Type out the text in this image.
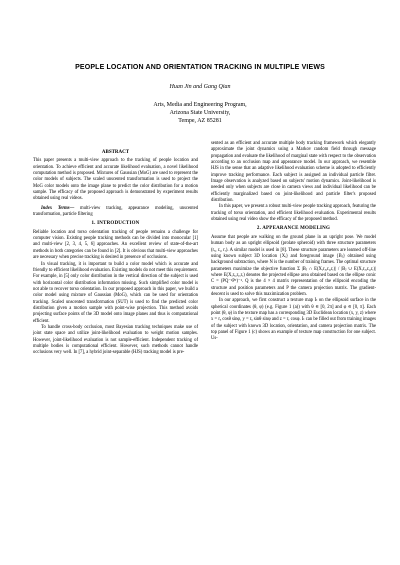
PEOPLE LOCATION AND ORIENTATION TRACKING IN MULTIPLE VIEWS
Huan Jin and Gang Qian
Arts, Media and Engineering Program,
Arizona State University,
Tempe, AZ 85281
ABSTRACT

This paper presents a multi-view approach to the tracking of people location and orientation. To achieve efficient and accurate likelihood evaluation, a novel likelihood computation method is proposed. Mixtures of Gaussian (MoG) are used to represent the color models of subjects. The scaled unscented transformation is used to project the MoG color models onto the image plane to predict the color distribution for a motion sample. The efficacy of the proposed approach is demonstrated by experiment results obtained using real videos.

Index Terms— multi-view tracking, appearance modeling, unscented transformation, particle filtering

1. INTRODUCTION

Reliable location and torso orientation tracking of people remains a challenge for computer vision. Existing people tracking methods can be divided into monocular [1] and multi-view [2, 3, 4, 5, 6] approaches. An excellent review of state-of-the-art methods in both categories can be found in [2]. It is obvious that multi-view approaches are necessary when precise tracking is desired in presence of occlusions.

In visual tracking, it is important to build a color model which is accurate and friendly to efficient likelihood evaluation. Existing models do not meet this requirement. For example, in [5] only color distribution in the vertical direction of the subject is used with horizontal color distribution information missing. Such simplified color model is not able to recover torso orientation. In our proposed approach in this paper, we build a color model using mixture of Gaussian (MoG), which can be used for orientation tracking. Scaled unscented transformation (SUT) is used to find the predicted color distribution given a motion sample with point-wise projection. This method avoids projecting surface points of the 3D model onto image planes and thus is computational efficient.

To handle cross-body occlusion, most Bayesian tracking techniques make use of joint state space and utilize joint-likelihood evaluation to weight motion samples. However, joint-likelihood evaluation is not sample-efficient. Independent tracking of multiple bodies is computational efficient. However, such methods cannot handle occlusions very well. In [7], a hybrid joint-separable (HJS) tracking model is pre-

sented as an efficient and accurate multiple body tracking framework which elegantly approximate the joint dynamics using a Markov random field through message propagation and evaluate the likelihood of marginal state with respect to the observation according to an occlusion map and appearance model. In our approach, we resemble HJS in the sense that an adaptive likelihood evaluation scheme is adopted to efficiently improve tracking performance. Each subject is assigned an individual particle filter. Image observation is analyzed based on subjects' motion dynamics. Joint-likelihood is needed only when subjects are close in camera views and individual likelihood can be efficiently marginalized based on joint-likelihood and particle filter's proposed distribution.

In this paper, we present a robust multi-view people tracking approach, featuring the tracking of torso orientation, and efficient likelihood evaluation. Experimental results obtained using real video show the efficacy of the proposed method.

2. APPEARANCE MODELING

Assume that people are walking on the ground plane in an upright pose. We model human body as an upright ellipsoid (prolate spheroid) with three structure parameters (rₓ, rᵧ, rᵣ). A similar model is used in [8]. These structure parameters are learned off-line using known subject 3D location {Xᵢ} and foreground image {Bⱼ} obtained using background subtraction, where N is the number of training frames. The optimal structure parameters maximize the objective function Σ |Bⱼ ∩ E(X,rₓ,rᵧ,rᵣ)| / |Bⱼ ∪ E(X,rₓ,rᵧ,rᵣ)| where E(X,rₓ,rᵧ,rᵣ) denotes the projected ellipse area obtained based on the ellipse conic C = (PQ⁻¹Pᵀ)⁻¹. Q is the 4 × 4 matrix representation of the ellipsoid encoding the structure and position parameters and P the camera projection matrix. The gradient-descent is used to solve this maximization problem.

In our approach, we first construct a texture map Iₜ on the ellipsoid surface in the spherical coordinates (θ, φ) (e.g. Figure 1 (a)) with θ ∈ [0, 2π] and φ ∈ [0, π]. Each point (θ, φ) in the texture map has a corresponding 3D Euclidean location (x, y, z) where x = rₓ cosθ sinφ, y = rᵧ sinθ sinφ and z = rᵣ cosφ. Iₜ can be filled out from training images of the subject with known 3D location, orientation, and camera projection matrix. The top panel of Figure 1 (c) shows an example of texture map construction for one subject. Us-
